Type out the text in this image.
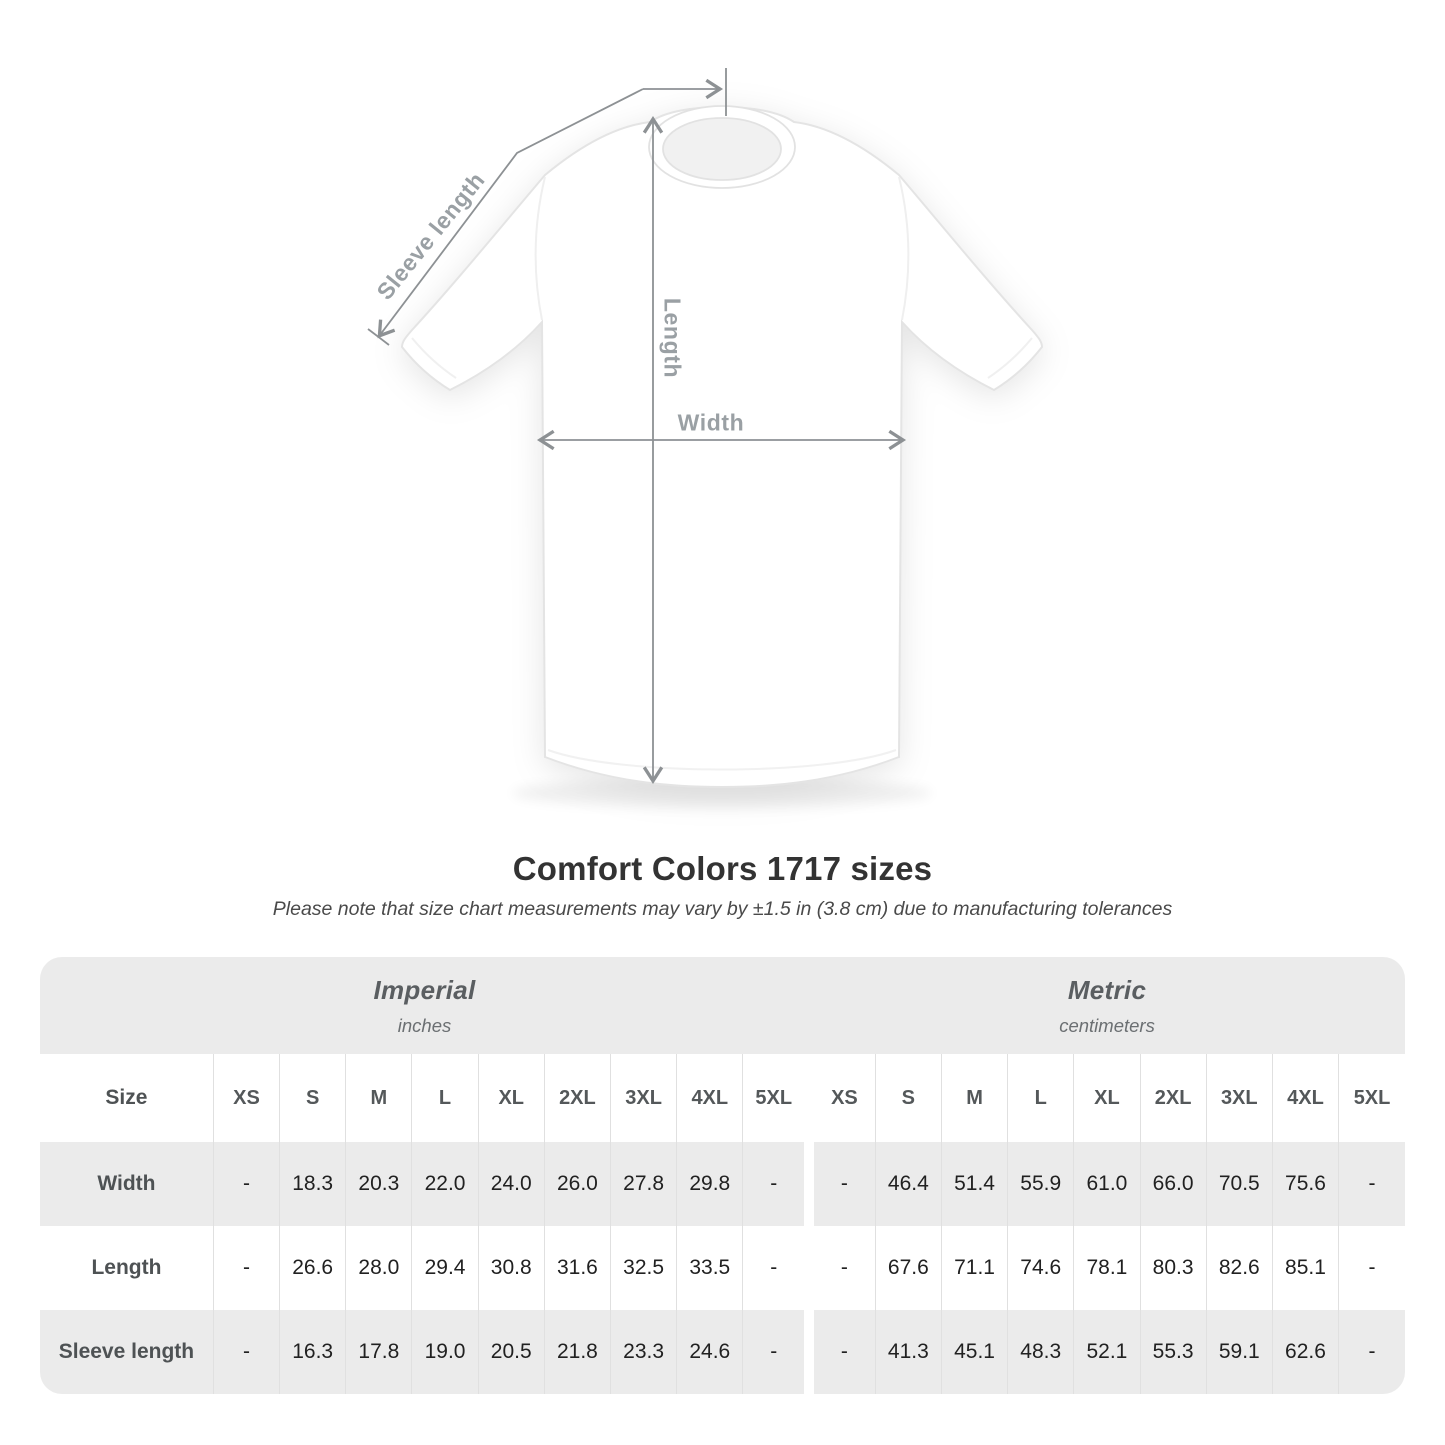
Sleeve length
Length
Width
Comfort Colors 1717 sizes
Please note that size chart measurements may vary by ±1.5 in (3.8 cm) due to manufacturing tolerances
Imperial
inches

Metric
centimeters

Size	XS	S	M	L	XL	2XL	3XL	4XL	5XL	XS	S	M	L	XL	2XL	3XL	4XL	5XL
Width	-	18.3	20.3	22.0	24.0	26.0	27.8	29.8	-	-	46.4	51.4	55.9	61.0	66.0	70.5	75.6	-
Length	-	26.6	28.0	29.4	30.8	31.6	32.5	33.5	-	-	67.6	71.1	74.6	78.1	80.3	82.6	85.1	-
Sleeve length	-	16.3	17.8	19.0	20.5	21.8	23.3	24.6	-	-	41.3	45.1	48.3	52.1	55.3	59.1	62.6	-
